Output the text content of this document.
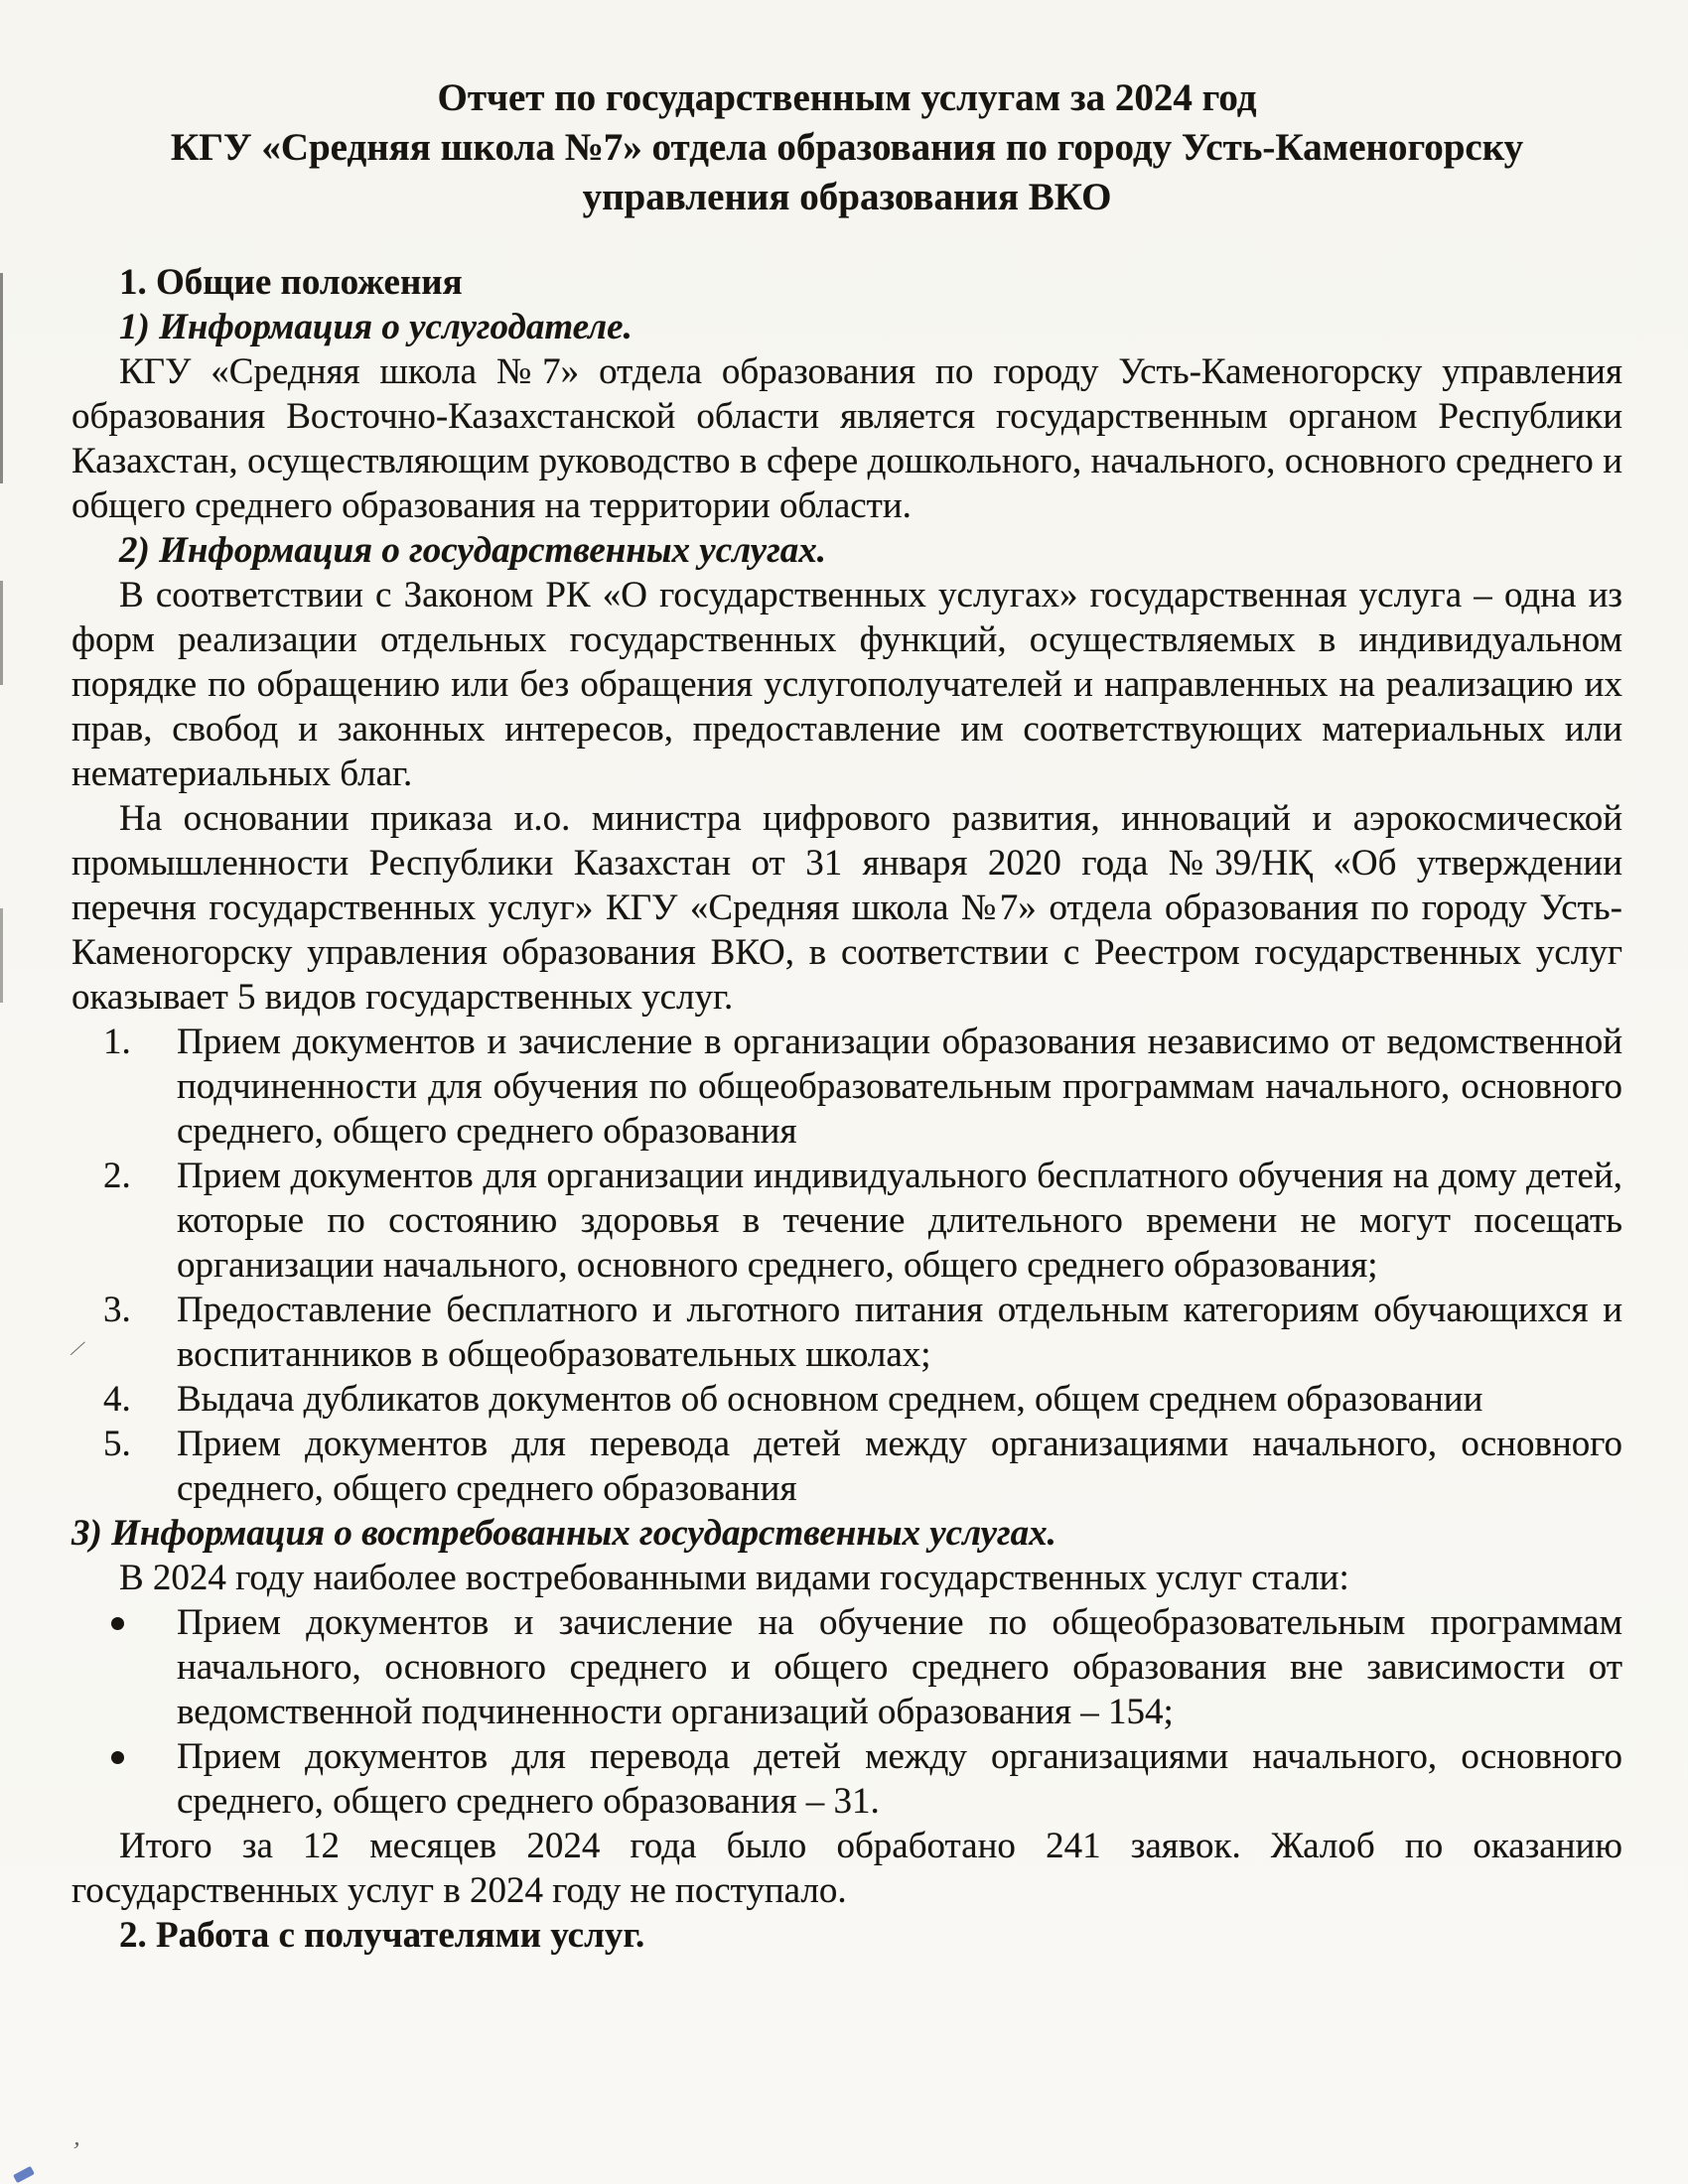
Отчет по государственным услугам за 2024 год
КГУ «Средняя школа №7» отдела образования по городу Усть-Каменогорску
управления образования ВКО
1. Общие положения
1) Информация о услугодателе.

КГУ «Средняя школа №7» отдела образования по городу Усть-Каменогорску управления образования Восточно-Казахстанской области является государственным органом Республики Казахстан, осуществляющим руководство в сфере дошкольного, начального, основного среднего и общего среднего образования на территории области.

2) Информация о государственных услугах.

В соответствии с Законом РК «О государственных услугах» государственная услуга – одна из форм реализации отдельных государственных функций, осуществляемых в индивидуальном порядке по обращению или без обращения услугополучателей и направленных на реализацию их прав, свобод и законных интересов, предоставление им соответствующих материальных или нематериальных благ.

На основании приказа и.о. министра цифрового развития, инноваций и аэрокосмической промышленности Республики Казахстан от 31 января 2020 года №39/НҚ «Об утверждении перечня государственных услуг» КГУ «Средняя школа №7» отдела образования по городу Усть-Каменогорску управления образования ВКО, в соответствии с Реестром государственных услуг оказывает 5 видов государственных услуг.

Прием документов и зачисление в организации образования независимо от ведомственной подчиненности для обучения по общеобразовательным программам начального, основного среднего, общего среднего образования
Прием документов для организации индивидуального бесплатного обучения на дому детей, которые по состоянию здоровья в течение длительного времени не могут посещать организации начального, основного среднего, общего среднего образования;
Предоставление бесплатного и льготного питания отдельным категориям обучающихся и воспитанников в общеобразовательных школах;
Выдача дубликатов документов об основном среднем, общем среднем образовании
Прием документов для перевода детей между организациями начального, основного среднего, общего среднего образования
3) Информация о востребованных государственных услугах.

В 2024 году наиболее востребованными видами государственных услуг стали:

Прием документов и зачисление на обучение по общеобразовательным программам начального, основного среднего и общего среднего образования вне зависимости от ведомственной подчиненности организаций образования – 154;
Прием документов для перевода детей между организациями начального, основного среднего, общего среднего образования – 31.

Итого за 12 месяцев 2024 года было обработано 241 заявок. Жалоб по оказанию государственных услуг в 2024 году не поступало.

2. Работа с получателями услуг.
⁄
’
